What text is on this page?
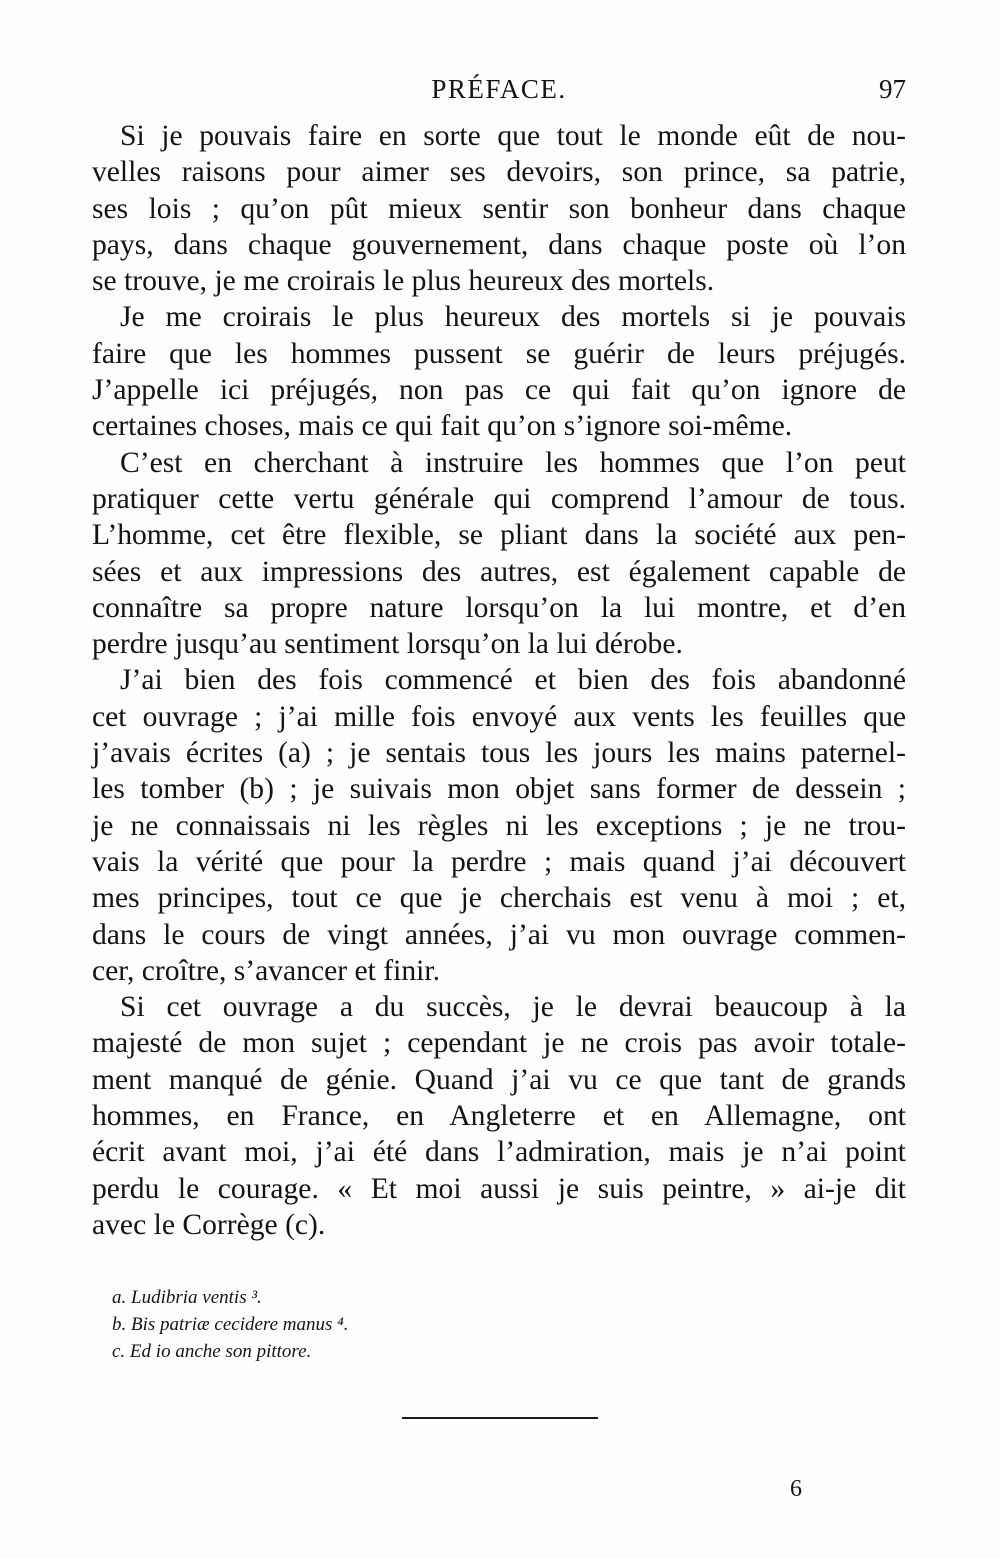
PRÉFACE.	97
Si je pouvais faire en sorte que tout le monde eût de nou-
velles raisons pour aimer ses devoirs, son prince, sa patrie,
ses lois ; qu’on pût mieux sentir son bonheur dans chaque
pays, dans chaque gouvernement, dans chaque poste où l’on
se trouve, je me croirais le plus heureux des mortels.
Je me croirais le plus heureux des mortels si je pouvais
faire que les hommes pussent se guérir de leurs préjugés.
J’appelle ici préjugés, non pas ce qui fait qu’on ignore de
certaines choses, mais ce qui fait qu’on s’ignore soi-même.
C’est en cherchant à instruire les hommes que l’on peut
pratiquer cette vertu générale qui comprend l’amour de tous.
L’homme, cet être flexible, se pliant dans la société aux pen-
sées et aux impressions des autres, est également capable de
connaître sa propre nature lorsqu’on la lui montre, et d’en
perdre jusqu’au sentiment lorsqu’on la lui dérobe.
J’ai bien des fois commencé et bien des fois abandonné
cet ouvrage ; j’ai mille fois envoyé aux vents les feuilles que
j’avais écrites (a) ; je sentais tous les jours les mains paternel-
les tomber (b) ; je suivais mon objet sans former de dessein ;
je ne connaissais ni les règles ni les exceptions ; je ne trou-
vais la vérité que pour la perdre ; mais quand j’ai découvert
mes principes, tout ce que je cherchais est venu à moi ; et,
dans le cours de vingt années, j’ai vu mon ouvrage commen-
cer, croître, s’avancer et finir.
Si cet ouvrage a du succès, je le devrai beaucoup à la
majesté de mon sujet ; cependant je ne crois pas avoir totale-
ment manqué de génie. Quand j’ai vu ce que tant de grands
hommes, en France, en Angleterre et en Allemagne, ont
écrit avant moi, j’ai été dans l’admiration, mais je n’ai point
perdu le courage. « Et moi aussi je suis peintre, » ai-je dit
avec le Corrège (c).
a. Ludibria ventis ³.
b. Bis patriæ cecidere manus ⁴.
c. Ed io anche son pittore.
6
